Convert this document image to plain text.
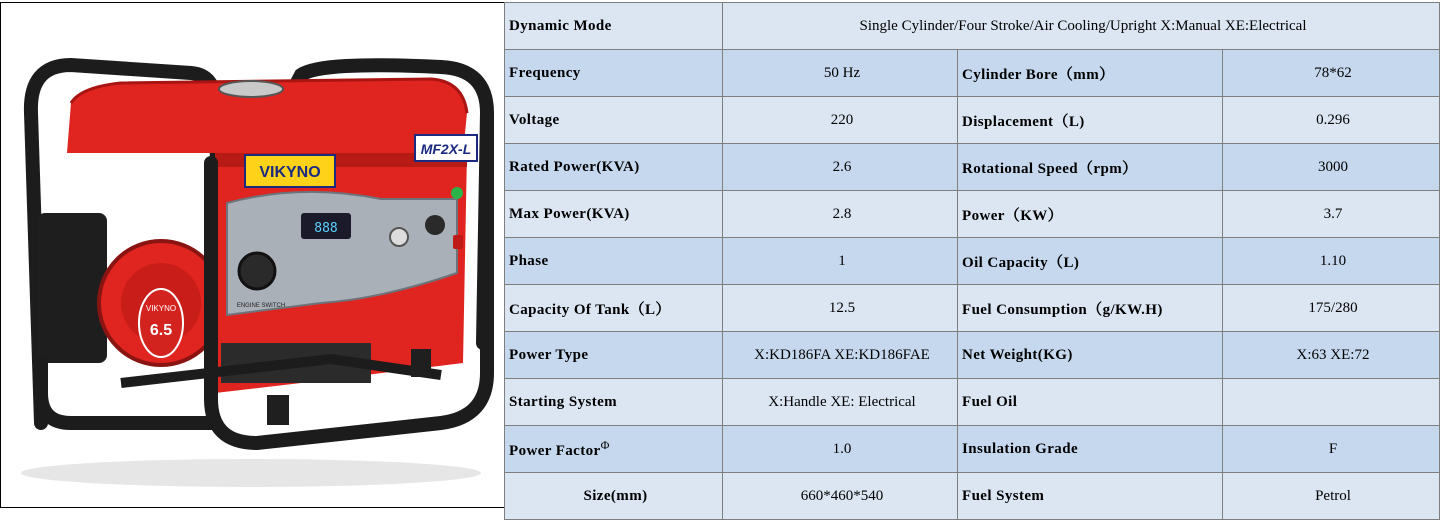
VIKYNO
6.5
VIKYNO
MF2X-L
888
ENGINE SWITCH
Dynamic Mode	Single Cylinder/Four Stroke/Air Cooling/Upright X:Manual XE:Electrical		
Frequency	50 Hz	Cylinder Bore（mm）	78*62
Voltage	220	Displacement（L)	0.296
Rated Power(KVA)	2.6	Rotational Speed（rpm）	3000
Max Power(KVA)	2.8	Power（KW）	3.7
Phase	1	Oil Capacity（L)	1.10
Capacity Of Tank（L）	12.5	Fuel Consumption（g/KW.H)	175/280
Power Type	X:KD186FA XE:KD186FAE	Net Weight(KG)	X:63 XE:72
Starting System	X:Handle XE: Electrical	Fuel Oil	
Power Factor$^\Phi$	1.0	Insulation Grade	F
Size(mm)	660*460*540	Fuel System	Petrol
